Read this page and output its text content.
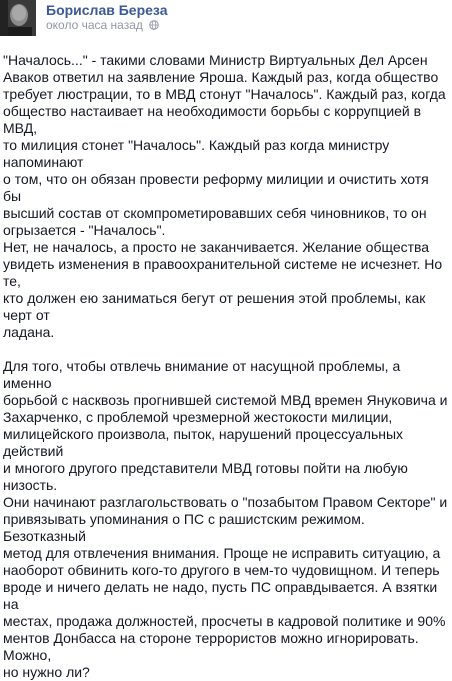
Борислав Береза
около часа назад

"Началось..." - такими словами Министр Виртуальных Дел Арсен
Аваков ответил на заявление Яроша. Каждый раз, когда общество
требует люстрации, то в МВД стонут "Началось". Каждый раз, когда
общество настаивает на необходимости борьбы с коррупцией в МВД,
то милиция стонет "Началось". Каждый раз когда министру напоминают
о том, что он обязан провести реформу милиции и очистить хотя бы
высший состав от скомпрометировавших себя чиновников, то он
огрызается - "Началось".
Нет, не началось, а просто не заканчивается. Желание общества
увидеть изменения в правоохранительной системе не исчезнет. Но те,
кто должен ею заниматься бегут от решения этой проблемы, как черт от
ладана.

Для того, чтобы отвлечь внимание от насущной проблемы, а именно
борьбой с насквозь прогнившей системой МВД времен Януковича и
Захарченко, с проблемой чрезмерной жестокости милиции,
милицейского произвола, пыток, нарушений процессуальных действий
и многого другого представители МВД готовы пойти на любую низость.
Они начинают разглагольствовать о "позабытом Правом Секторе" и
привязывать упоминания о ПС с рашистским режимом. Безотказный
метод для отвлечения внимания. Проще не исправить ситуацию, а
наоборот обвинить кого-то другого в чем-то чудовищном. И теперь
вроде и ничего делать не надо, пусть ПС оправдывается. А взятки на
местах, продажа должностей, просчеты в кадровой политике и 90%
ментов Донбасса на стороне террористов можно игнорировать. Можно,
но нужно ли?
